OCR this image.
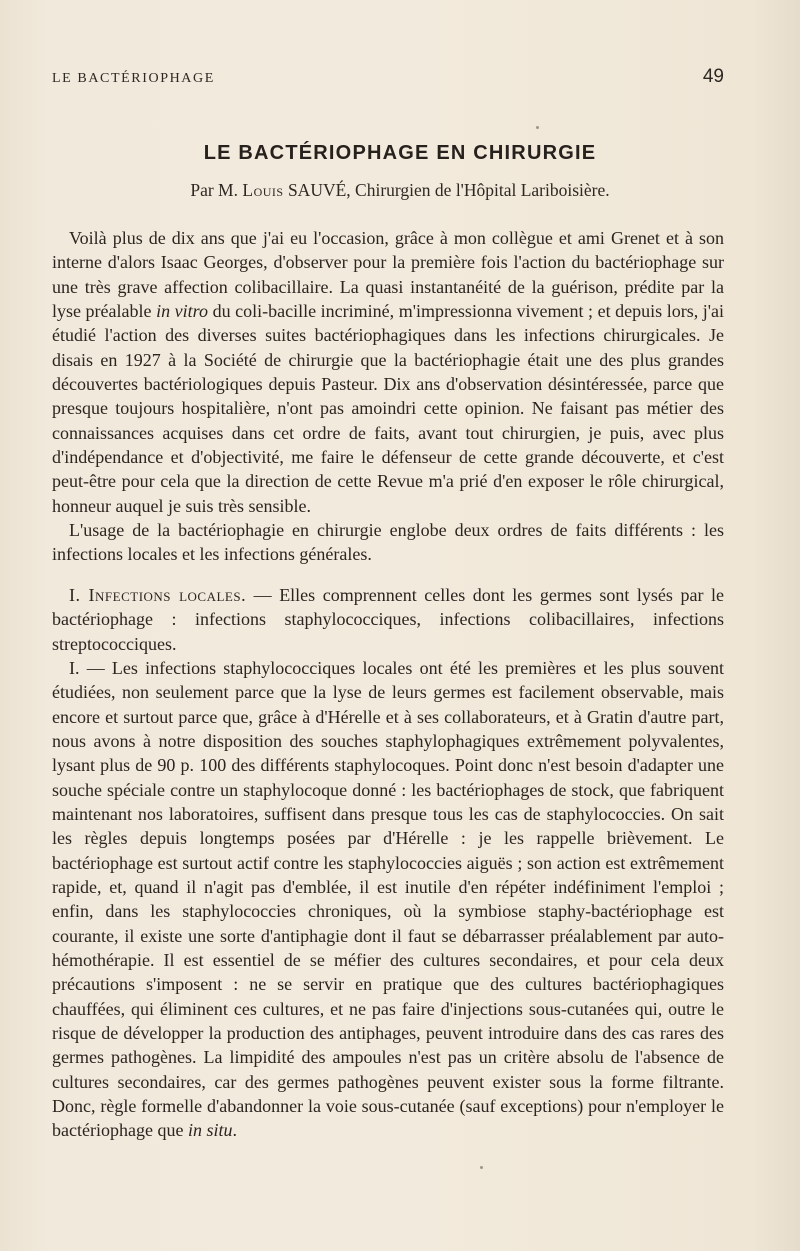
LE BACTÉRIOPHAGE	49
LE BACTÉRIOPHAGE EN CHIRURGIE
Par M. Louis SAUVÉ, Chirurgien de l'Hôpital Lariboisière.

Voilà plus de dix ans que j'ai eu l'occasion, grâce à mon collègue et ami Grenet et à son interne d'alors Isaac Georges, d'observer pour la première fois l'action du bactériophage sur une très grave affection colibacillaire. La quasi instantanéité de la guérison, prédite par la lyse préalable in vitro du coli-bacille incriminé, m'impressionna vivement ; et depuis lors, j'ai étudié l'action des diverses suites bactériophagiques dans les infections chirurgicales. Je disais en 1927 à la Société de chirurgie que la bactériophagie était une des plus grandes découvertes bactériologiques depuis Pasteur. Dix ans d'observation désintéressée, parce que presque toujours hospitalière, n'ont pas amoindri cette opinion. Ne faisant pas métier des connaissances acquises dans cet ordre de faits, avant tout chirurgien, je puis, avec plus d'indépendance et d'objectivité, me faire le défenseur de cette grande découverte, et c'est peut-être pour cela que la direction de cette Revue m'a prié d'en exposer le rôle chirurgical, honneur auquel je suis très sensible.

L'usage de la bactériophagie en chirurgie englobe deux ordres de faits différents : les infections locales et les infections générales.

I. Infections locales. — Elles comprennent celles dont les germes sont lysés par le bactériophage : infections staphylococciques, infections colibacillaires, infections streptococciques.

I. — Les infections staphylococciques locales ont été les premières et les plus souvent étudiées, non seulement parce que la lyse de leurs germes est facilement observable, mais encore et surtout parce que, grâce à d'Hérelle et à ses collaborateurs, et à Gratin d'autre part, nous avons à notre disposition des souches staphylophagiques extrêmement polyvalentes, lysant plus de 90 p. 100 des différents staphylocoques. Point donc n'est besoin d'adapter une souche spéciale contre un staphylocoque donné : les bactériophages de stock, que fabriquent maintenant nos laboratoires, suffisent dans presque tous les cas de staphylococcies. On sait les règles depuis longtemps posées par d'Hérelle : je les rappelle brièvement. Le bactériophage est surtout actif contre les staphylococcies aiguës ; son action est extrêmement rapide, et, quand il n'agit pas d'emblée, il est inutile d'en répéter indéfiniment l'emploi ; enfin, dans les staphylococcies chroniques, où la symbiose staphy-bactériophage est courante, il existe une sorte d'antiphagie dont il faut se débarrasser préalablement par auto-hémothérapie. Il est essentiel de se méfier des cultures secondaires, et pour cela deux précautions s'imposent : ne se servir en pratique que des cultures bactériophagiques chauffées, qui éliminent ces cultures, et ne pas faire d'injections sous-cutanées qui, outre le risque de développer la production des antiphages, peuvent introduire dans des cas rares des germes pathogènes. La limpidité des ampoules n'est pas un critère absolu de l'absence de cultures secondaires, car des germes pathogènes peuvent exister sous la forme filtrante. Donc, règle formelle d'abandonner la voie sous-cutanée (sauf exceptions) pour n'employer le bactériophage que in situ.
